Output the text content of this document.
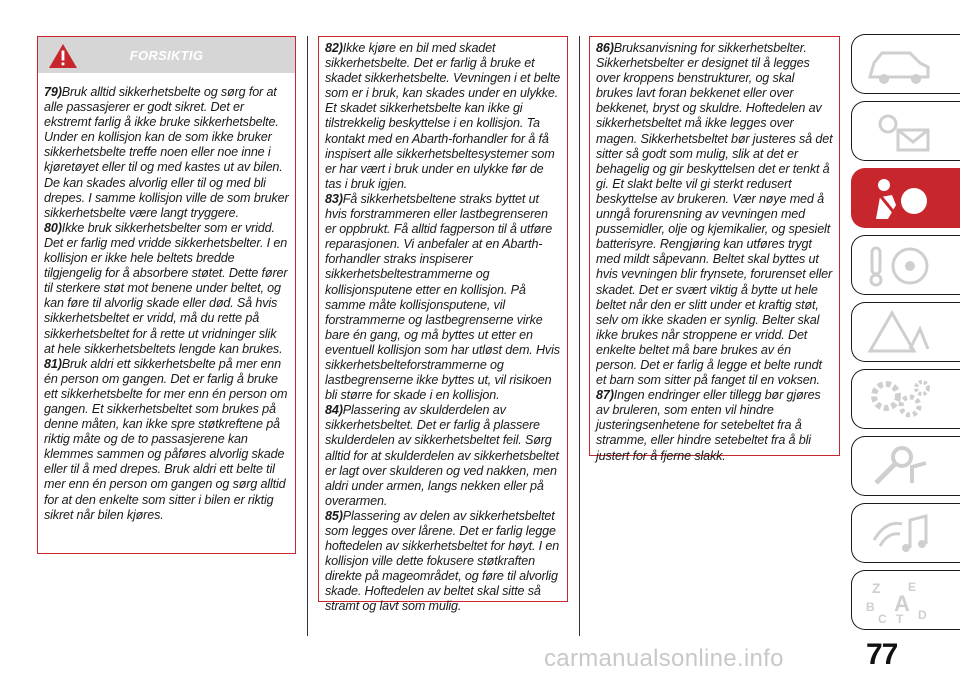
FORSIKTIG

79)Bruk alltid sikkerhetsbelte og sørg for at alle passasjerer er godt sikret. Det er ekstremt farlig å ikke bruke sikkerhetsbelte. Under en kollisjon kan de som ikke bruker sikkerhetsbelte treffe noen eller noe inne i kjøretøyet eller til og med kastes ut av bilen. De kan skades alvorlig eller til og med bli drepes. I samme kollisjon ville de som bruker sikkerhetsbelte være langt tryggere.

80)Ikke bruk sikkerhetsbelter som er vridd. Det er farlig med vridde sikkerhetsbelter. I en kollisjon er ikke hele beltets bredde tilgjengelig for å absorbere støtet. Dette fører til sterkere støt mot benene under beltet, og kan føre til alvorlig skade eller død. Så hvis sikkerhetsbeltet er vridd, må du rette på sikkerhetsbeltet for å rette ut vridninger slik at hele sikkerhetsbeltets lengde kan brukes.

81)Bruk aldri ett sikkerhetsbelte på mer enn én person om gangen. Det er farlig å bruke ett sikkerhetsbelte for mer enn én person om gangen. Et sikkerhetsbeltet som brukes på denne måten, kan ikke spre støtkreftene på riktig måte og de to passasjerene kan klemmes sammen og påføres alvorlig skade eller til å med drepes. Bruk aldri ett belte til mer enn én person om gangen og sørg alltid for at den enkelte som sitter i bilen er riktig sikret når bilen kjøres.

82)Ikke kjøre en bil med skadet sikkerhetsbelte. Det er farlig å bruke et skadet sikkerhetsbelte. Vevningen i et belte som er i bruk, kan skades under en ulykke. Et skadet sikkerhetsbelte kan ikke gi tilstrekkelig beskyttelse i en kollisjon. Ta kontakt med en Abarth-forhandler for å få inspisert alle sikkerhetsbeltesystemer som er har vært i bruk under en ulykke før de tas i bruk igjen.

83)Få sikkerhetsbeltene straks byttet ut hvis forstrammeren eller lastbegrenseren er oppbrukt. Få alltid fagperson til å utføre reparasjonen. Vi anbefaler at en Abarth-forhandler straks inspiserer sikkerhetsbeltestrammerne og kollisjonsputene etter en kollisjon. På samme måte kollisjonsputene, vil forstrammerne og lastbegrenserne virke bare én gang, og må byttes ut etter en eventuell kollisjon som har utløst dem. Hvis sikkerhetsbelteforstrammerne og lastbegrenserne ikke byttes ut, vil risikoen bli større for skade i en kollisjon.

84)Plassering av skulderdelen av sikkerhetsbeltet. Det er farlig å plassere skulderdelen av sikkerhetsbeltet feil. Sørg alltid for at skulderdelen av sikkerhetsbeltet er lagt over skulderen og ved nakken, men aldri under armen, langs nekken eller på overarmen.

85)Plassering av delen av sikkerhetsbeltet som legges over lårene. Det er farlig legge hoftedelen av sikkerhetsbeltet for høyt. I en kollisjon ville dette fokusere støtkraften direkte på mageområdet, og føre til alvorlig skade. Hoftedelen av beltet skal sitte så stramt og lavt som mulig.

86)Bruksanvisning for sikkerhetsbelter. Sikkerhetsbelter er designet til å legges over kroppens benstrukturer, og skal brukes lavt foran bekkenet eller over bekkenet, bryst og skuldre. Hoftedelen av sikkerhetsbeltet må ikke legges over magen. Sikkerhetsbeltet bør justeres så det sitter så godt som mulig, slik at det er behagelig og gir beskyttelsen det er tenkt å gi. Et slakt belte vil gi sterkt redusert beskyttelse av brukeren. Vær nøye med å unngå forurensning av vevningen med pussemidler, olje og kjemikalier, og spesielt batterisyre. Rengjøring kan utføres trygt med mildt såpevann. Beltet skal byttes ut hvis vevningen blir frynsete, forurenset eller skadet. Det er svært viktig å bytte ut hele beltet når den er slitt under et kraftig støt, selv om ikke skaden er synlig. Belter skal ikke brukes når stroppene er vridd. Det enkelte beltet må bare brukes av én person. Det er farlig å legge et belte rundt et barn som sitter på fanget til en voksen.

87)Ingen endringer eller tillegg bør gjøres av bruleren, som enten vil hindre justeringsenhetene for setebeltet fra å stramme, eller hindre setebeltet fra å bli justert for å fjerne slakk.

Z E
B A
C T D
77
carmanualsonline.info
